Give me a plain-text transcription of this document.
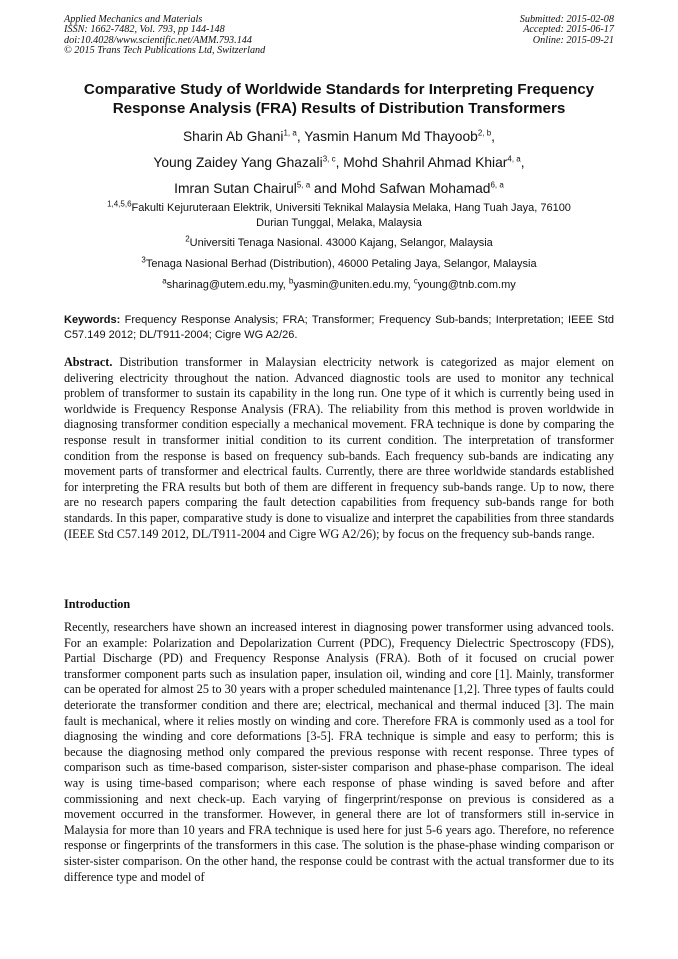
Applied Mechanics and Materials
ISSN: 1662-7482, Vol. 793, pp 144-148
doi:10.4028/www.scientific.net/AMM.793.144
© 2015 Trans Tech Publications Ltd, Switzerland
Submitted: 2015-02-08
Accepted: 2015-06-17
Online: 2015-09-21
Comparative Study of Worldwide Standards for Interpreting Frequency
Response Analysis (FRA) Results of Distribution Transformers
Sharin Ab Ghani$^{1, a}$, Yasmin Hanum Md Thayoob$^{2, b}$,
Young Zaidey Yang Ghazali$^{3, c}$, Mohd Shahril Ahmad Khiar$^{4, a}$,
Imran Sutan Chairul$^{5, a}$ and Mohd Safwan Mohamad$^{6, a}$
$^{1,4,5,6}$Fakulti Kejuruteraan Elektrik, Universiti Teknikal Malaysia Melaka, Hang Tuah Jaya, 76100
Durian Tunggal, Melaka, Malaysia
$^2$Universiti Tenaga Nasional. 43000 Kajang, Selangor, Malaysia
$^3$Tenaga Nasional Berhad (Distribution), 46000 Petaling Jaya, Selangor, Malaysia
$^a$sharinag@utem.edu.my, $^b$yasmin@uniten.edu.my, $^c$young@tnb.com.my
Keywords: Frequency Response Analysis; FRA; Transformer; Frequency Sub-bands; Interpretation; IEEE Std C57.149 2012; DL/T911-2004; Cigre WG A2/26.
Abstract. Distribution transformer in Malaysian electricity network is categorized as major element on delivering electricity throughout the nation. Advanced diagnostic tools are used to monitor any technical problem of transformer to sustain its capability in the long run. One type of it which is currently being used in worldwide is Frequency Response Analysis (FRA). The reliability from this method is proven worldwide in diagnosing transformer condition especially a mechanical movement. FRA technique is done by comparing the response result in transformer initial condition to its current condition. The interpretation of transformer condition from the response is based on frequency sub-bands. Each frequency sub-bands are indicating any movement parts of transformer and electrical faults. Currently, there are three worldwide standards established for interpreting the FRA results but both of them are different in frequency sub-bands range. Up to now, there are no research papers comparing the fault detection capabilities from frequency sub-bands range for both standards. In this paper, comparative study is done to visualize and interpret the capabilities from three standards (IEEE Std C57.149 2012, DL/T911-2004 and Cigre WG A2/26); by focus on the frequency sub-bands range.
Introduction
Recently, researchers have shown an increased interest in diagnosing power transformer using advanced tools. For an example: Polarization and Depolarization Current (PDC), Frequency Dielectric Spectroscopy (FDS), Partial Discharge (PD) and Frequency Response Analysis (FRA). Both of it focused on crucial power transformer component parts such as insulation paper, insulation oil, winding and core [1]. Mainly, transformer can be operated for almost 25 to 30 years with a proper scheduled maintenance [1,2]. Three types of faults could deteriorate the transformer condition and there are; electrical, mechanical and thermal induced [3]. The main fault is mechanical, where it relies mostly on winding and core. Therefore FRA is commonly used as a tool for diagnosing the winding and core deformations [3-5]. FRA technique is simple and easy to perform; this is because the diagnosing method only compared the previous response with recent response. Three types of comparison such as time-based comparison, sister-sister comparison and phase-phase comparison. The ideal way is using time-based comparison; where each response of phase winding is saved before and after commissioning and next check-up. Each varying of fingerprint/response on previous is considered as a movement occurred in the transformer. However, in general there are lot of transformers still in-service in Malaysia for more than 10 years and FRA technique is used here for just 5-6 years ago. Therefore, no reference response or fingerprints of the transformers in this case. The solution is the phase-phase winding comparison or sister-sister comparison. On the other hand, the response could be contrast with the actual transformer due to its difference type and model of
